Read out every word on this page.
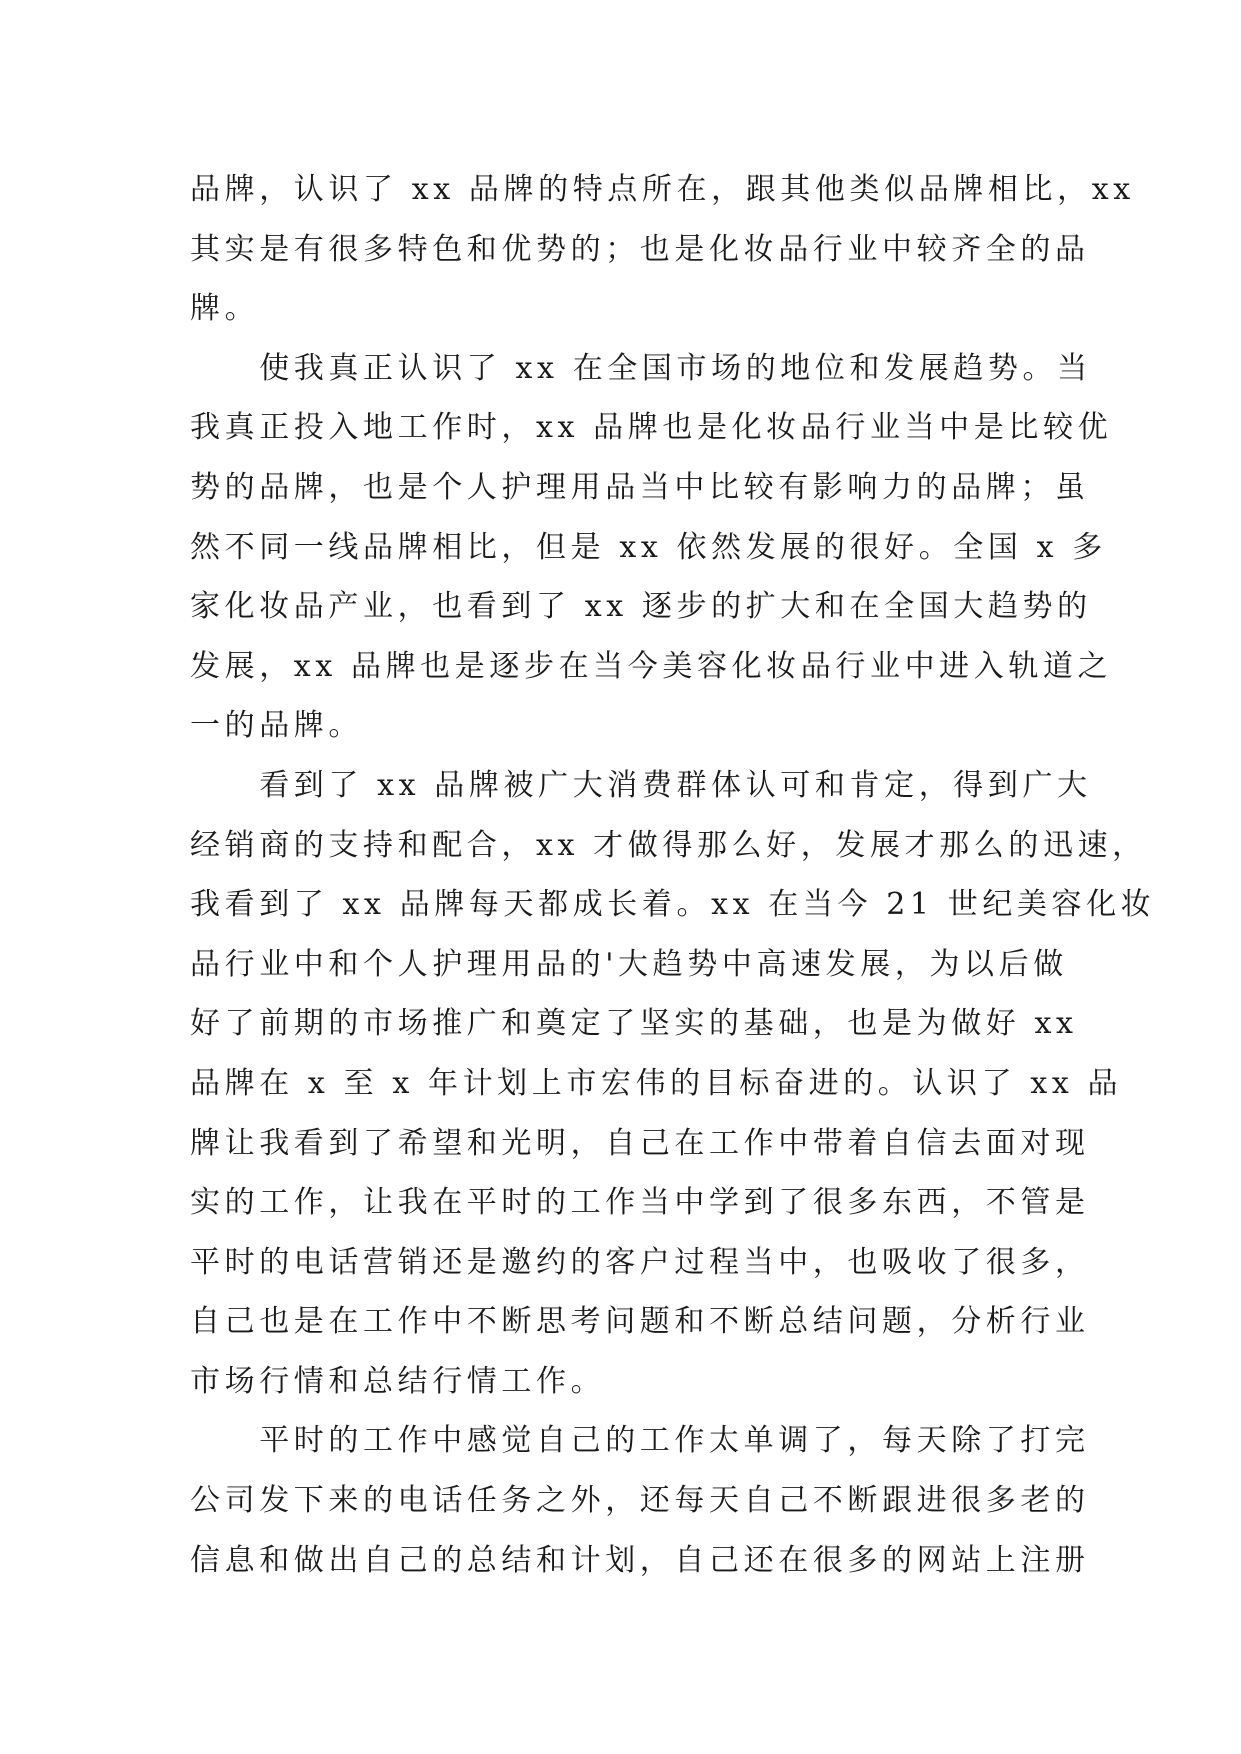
品牌，认识了 xx 品牌的特点所在，跟其他类似品牌相比，xx
其实是有很多特色和优势的；也是化妆品行业中较齐全的品
牌。
　　使我真正认识了 xx 在全国市场的地位和发展趋势。当
我真正投入地工作时，xx 品牌也是化妆品行业当中是比较优
势的品牌，也是个人护理用品当中比较有影响力的品牌；虽
然不同一线品牌相比，但是 xx 依然发展的很好。全国 x 多
家化妆品产业，也看到了 xx 逐步的扩大和在全国大趋势的
发展，xx 品牌也是逐步在当今美容化妆品行业中进入轨道之
一的品牌。
　　看到了 xx 品牌被广大消费群体认可和肯定，得到广大
经销商的支持和配合，xx 才做得那么好，发展才那么的迅速，
我看到了 xx 品牌每天都成长着。xx 在当今 21 世纪美容化妆
品行业中和个人护理用品的'大趋势中高速发展，为以后做
好了前期的市场推广和奠定了坚实的基础，也是为做好 xx
品牌在 x 至 x 年计划上市宏伟的目标奋进的。认识了 xx 品
牌让我看到了希望和光明，自己在工作中带着自信去面对现
实的工作，让我在平时的工作当中学到了很多东西，不管是
平时的电话营销还是邀约的客户过程当中，也吸收了很多，
自己也是在工作中不断思考问题和不断总结问题，分析行业
市场行情和总结行情工作。
　　平时的工作中感觉自己的工作太单调了，每天除了打完
公司发下来的电话任务之外，还每天自己不断跟进很多老的
信息和做出自己的总结和计划，自己还在很多的网站上注册
